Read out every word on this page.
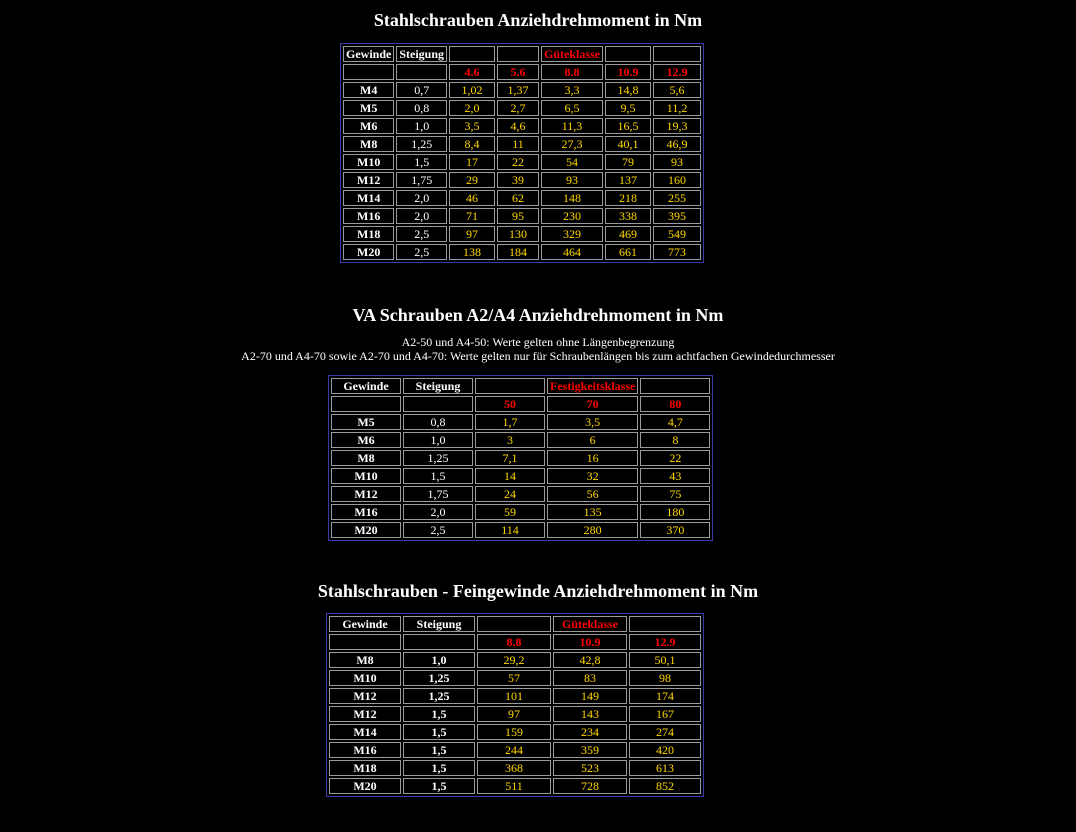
Stahlschrauben Anziehdrehmoment in Nm
Gewinde	Steigung			Güteklasse		
		4.6	5.6	8.8	10.9	12.9
M4	0,7	1,02	1,37	3,3	14,8	5,6
M5	0,8	2,0	2,7	6,5	9,5	11,2
M6	1,0	3,5	4,6	11,3	16,5	19,3
M8	1,25	8,4	11	27,3	40,1	46,9
M10	1,5	17	22	54	79	93
M12	1,75	29	39	93	137	160
M14	2,0	46	62	148	218	255
M16	2,0	71	95	230	338	395
M18	2,5	97	130	329	469	549
M20	2,5	138	184	464	661	773
VA Schrauben A2/A4 Anziehdrehmoment in Nm
A2-50 und A4-50: Werte gelten ohne Längenbegrenzung
A2-70 und A4-70 sowie A2-70 und A4-70: Werte gelten nur für Schraubenlängen bis zum achtfachen Gewindedurchmesser
Gewinde	Steigung		Festigkeitsklasse	
		50	70	80
M5	0,8	1,7	3,5	4,7
M6	1,0	3	6	8
M8	1,25	7,1	16	22
M10	1,5	14	32	43
M12	1,75	24	56	75
M16	2,0	59	135	180
M20	2,5	114	280	370
Stahlschrauben - Feingewinde Anziehdrehmoment in Nm
Gewinde	Steigung		Güteklasse	
		8.8	10.9	12.9
M8	1,0	29,2	42,8	50,1
M10	1,25	57	83	98
M12	1,25	101	149	174
M12	1,5	97	143	167
M14	1,5	159	234	274
M16	1,5	244	359	420
M18	1,5	368	523	613
M20	1,5	511	728	852
